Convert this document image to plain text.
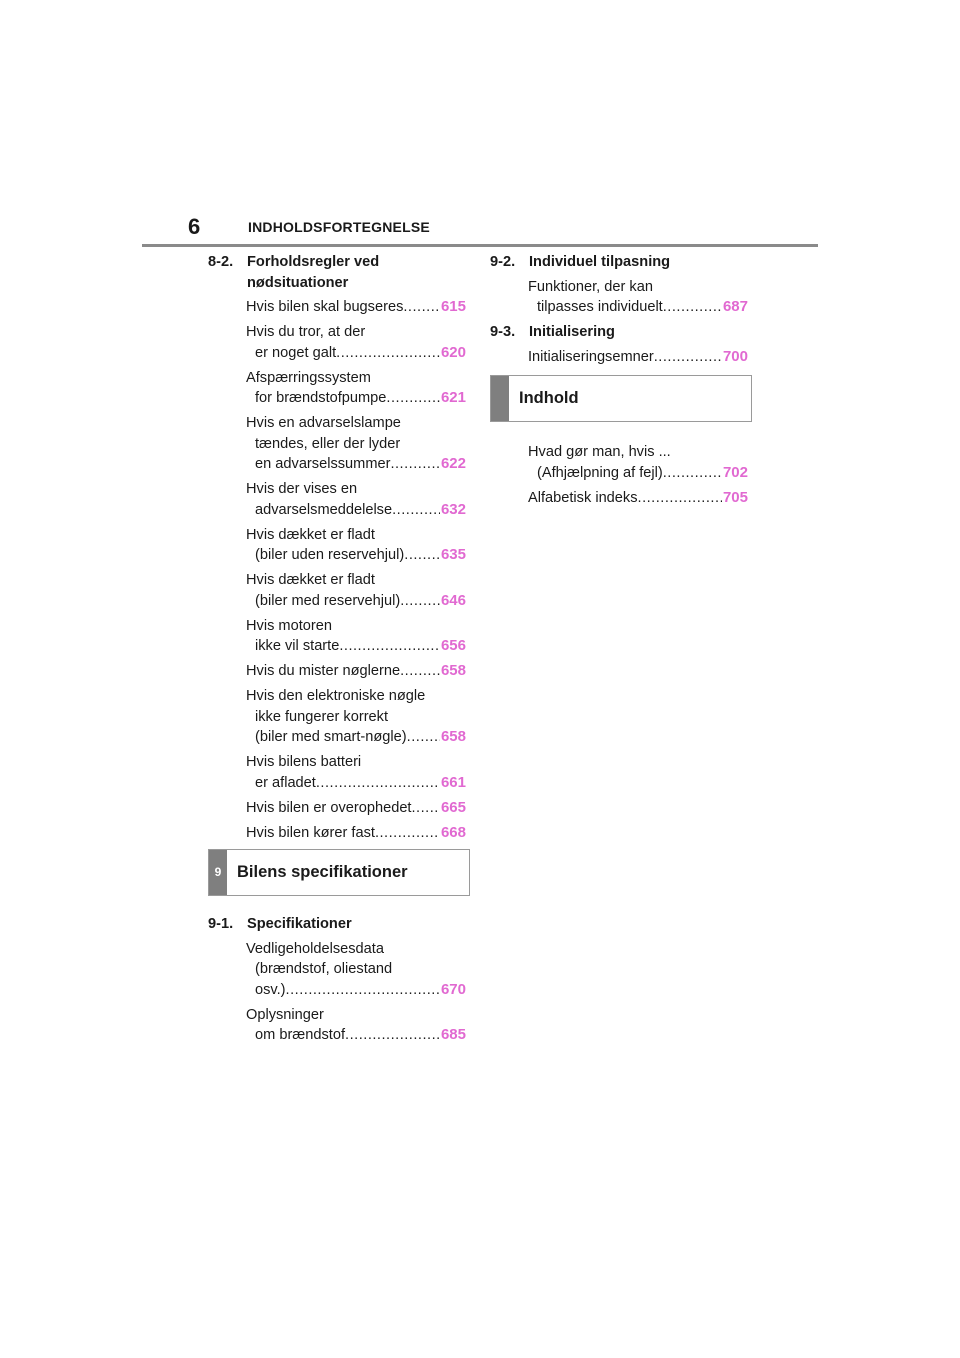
6	INDHOLDSFORTEGNELSE
8-2. Forholdsregler ved nødsituationer
Hvis bilen skal bugseres .....	615
Hvis du tror, at der
er noget galt .....	620
Afspærringssystem
for brændstofpumpe .....	621
Hvis en advarselslampe
tændes, eller der lyder
en advarselssummer .....	622
Hvis der vises en
advarselsmeddelelse .....	632
Hvis dækket er fladt
(biler uden reservehjul) ..... 635
Hvis dækket er fladt
(biler med reservehjul) .....	646
Hvis motoren
ikke vil starte .....	656
Hvis du mister nøglerne .....	658
Hvis den elektroniske nøgle
ikke fungerer korrekt
(biler med smart-nøgle) ..... 658
Hvis bilens batteri
er afladet .....	661
Hvis bilen er overophedet ..... 665
Hvis bilen kører fast .....	668
9 Bilens specifikationer
9-1. Specifikationer
Vedligeholdelsesdata
(brændstof, oliestand
osv.) .....	670
Oplysninger
om brændstof .....	685
9-2. Individuel tilpasning
Funktioner, der kan
tilpasses individuelt .....	687
9-3. Initialisering
Initialiseringsemner .....	700
Indhold
Hvad gør man, hvis ...
(Afhjælpning af fejl) .....	702
Alfabetisk indeks .....	705
